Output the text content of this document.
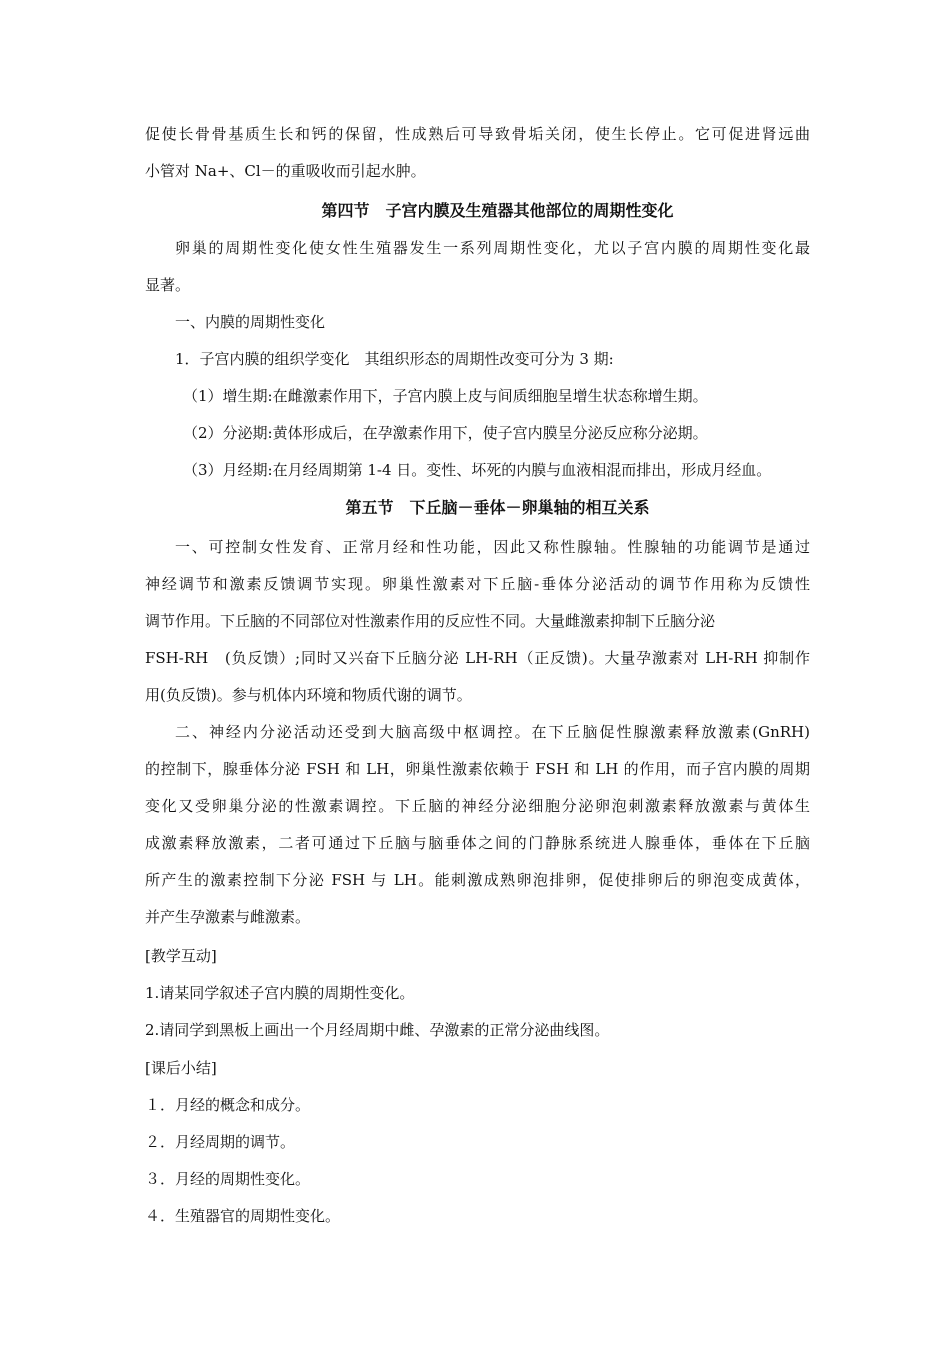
促使长骨骨基质生长和钙的保留，性成熟后可导致骨垢关闭，使生长停止。它可促进肾远曲
小管对 Na+、Cl－的重吸收而引起水肿。
第四节　子宫内膜及生殖器其他部位的周期性变化
卵巢的周期性变化使女性生殖器发生一系列周期性变化，尤以子宫内膜的周期性变化最
显著。
一、内膜的周期性变化
1．子宫内膜的组织学变化　其组织形态的周期性改变可分为 3 期:
（1）增生期:在雌激素作用下，子宫内膜上皮与间质细胞呈增生状态称增生期。
（2）分泌期:黄体形成后，在孕激素作用下，使子宫内膜呈分泌反应称分泌期。
（3）月经期:在月经周期第 1-4 日。变性、坏死的内膜与血液相混而排出，形成月经血。
第五节　下丘脑－垂体－卵巢轴的相互关系
一、可控制女性发育、正常月经和性功能，因此又称性腺轴。性腺轴的功能调节是通过
神经调节和激素反馈调节实现。卵巢性激素对下丘脑-垂体分泌活动的调节作用称为反馈性
调节作用。下丘脑的不同部位对性激素作用的反应性不同。大量雌激素抑制下丘脑分泌
FSH-RH　(负反馈）;同时又兴奋下丘脑分泌 LH-RH（正反馈)。大量孕激素对 LH-RH 抑制作
用(负反馈)。参与机体内环境和物质代谢的调节。
二、神经内分泌活动还受到大脑高级中枢调控。在下丘脑促性腺激素释放激素(GnRH)
的控制下，腺垂体分泌 FSH 和 LH，卵巢性激素依赖于 FSH 和 LH 的作用，而子宫内膜的周期
变化又受卵巢分泌的性激素调控。下丘脑的神经分泌细胞分泌卵泡刺激素释放激素与黄体生
成激素释放激素，二者可通过下丘脑与脑垂体之间的门静脉系统进人腺垂体，垂体在下丘脑
所产生的激素控制下分泌 FSH 与 LH。能刺激成熟卵泡排卵，促使排卵后的卵泡变成黄体，
并产生孕激素与雌激素。
[教学互动]
1.请某同学叙述子宫内膜的周期性变化。
2.请同学到黑板上画出一个月经周期中雌、孕激素的正常分泌曲线图。
[课后小结]
１．月经的概念和成分。
２．月经周期的调节。
３．月经的周期性变化。
４．生殖器官的周期性变化。
